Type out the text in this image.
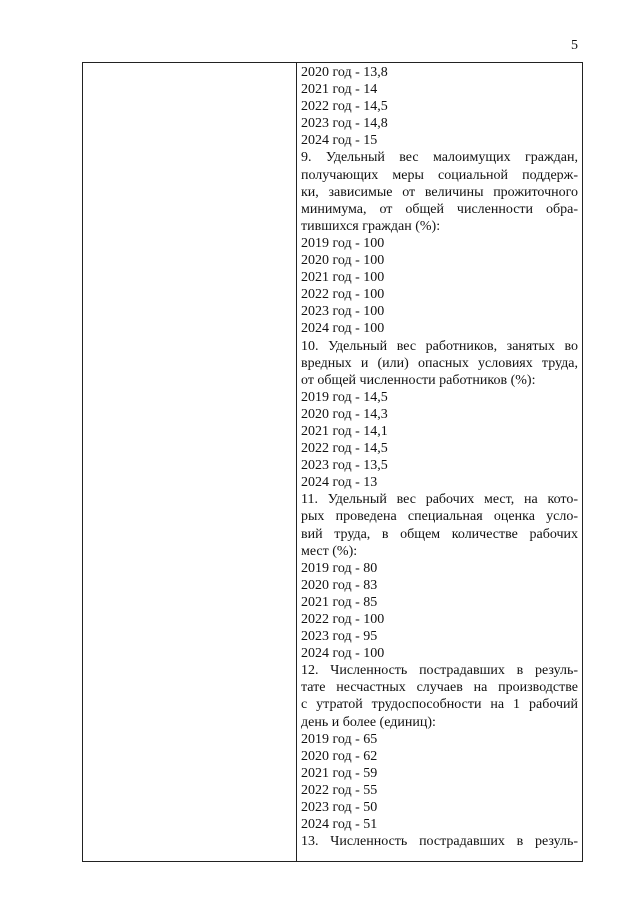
5
2020 год - 13,8
2021 год - 14
2022 год - 14,5
2023 год - 14,8
2024 год - 15
9. Удельный вес малоимущих граждан,
получающих меры социальной поддерж-
ки, зависимые от величины прожиточного
минимума, от общей численности обра-
тившихся граждан (%):
2019 год - 100
2020 год - 100
2021 год - 100
2022 год - 100
2023 год - 100
2024 год - 100
10. Удельный вес работников, занятых во
вредных и (или) опасных условиях труда,
от общей численности работников (%):
2019 год - 14,5
2020 год - 14,3
2021 год - 14,1
2022 год - 14,5
2023 год - 13,5
2024 год - 13
11. Удельный вес рабочих мест, на кото-
рых проведена специальная оценка усло-
вий труда, в общем количестве рабочих
мест (%):
2019 год - 80
2020 год - 83
2021 год - 85
2022 год - 100
2023 год - 95
2024 год - 100
12. Численность пострадавших в резуль-
тате несчастных случаев на производстве
с утратой трудоспособности на 1 рабочий
день и более (единиц):
2019 год - 65
2020 год - 62
2021 год - 59
2022 год - 55
2023 год - 50
2024 год - 51
13. Численность пострадавших в резуль-
